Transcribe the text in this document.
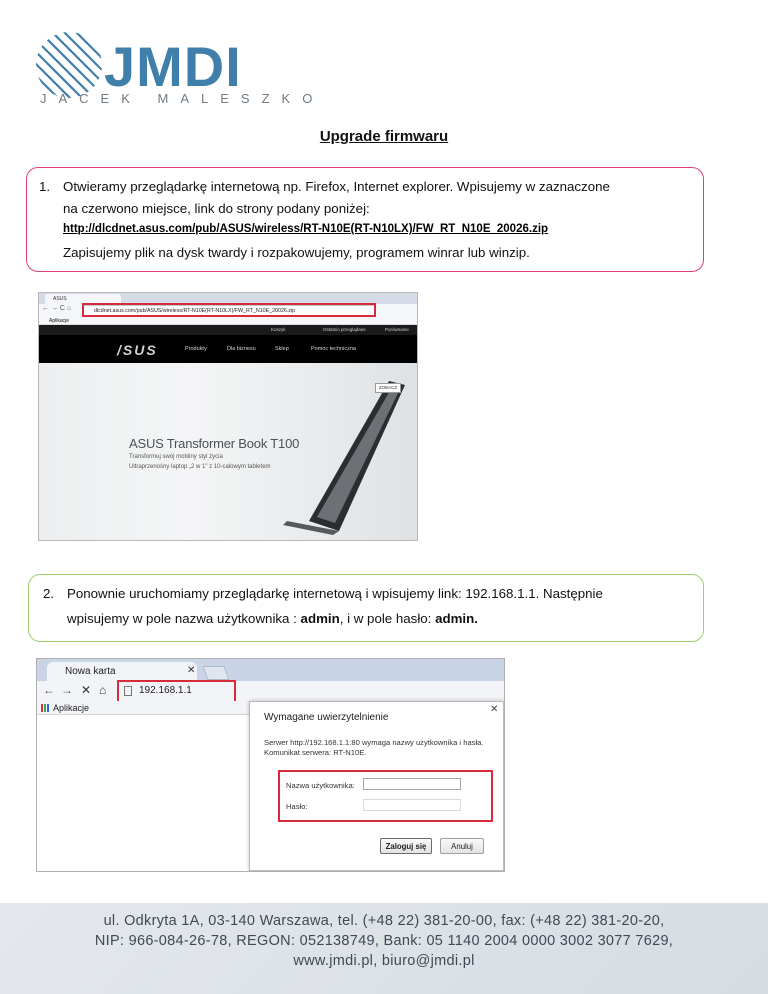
JMDI
JACEK MALESZKO
Upgrade firmwaru
1. Otwieramy przeglądarkę internetową np. Firefox, Internet explorer. Wpisujemy w zaznaczone
na czerwono miejsce, link do strony podany poniżej:
http://dlcdnet.asus.com/pub/ASUS/wireless/RT-N10E(RT-N10LX)/FW_RT_N10E_20026.zip
Zapisujemy plik na dysk twardy i rozpakowujemy, programem winrar lub winzip.
ASUS
← → C ⌂	dlcdnet.asus.com/pub/ASUS/wireless/RT-N10E(RT-N10LX)/FW_RT_N10E_20026.zip
Aplikacje
Koszyk	Ostatnio przeglądane	Porównanie
/SUS	Produkty	Dla biznesu	Sklep	Pomoc techniczna
ZOBACZ
ASUS Transformer Book T100
Transformuj swój mobilny styl życia
Ultraprzenośny laptop „2 w 1" z 10-calowym tabletem
2. Ponownie uruchomiamy przeglądarkę internetową i wpisujemy link: 192.168.1.1. Następnie
wpisujemy w pole nazwa użytkownika : admin, i w pole hasło: admin.
Nowa karta	✕
← → ✕ ⌂	192.168.1.1
Aplikacje
Wymagane uwierzytelnienie
✕
Serwer http://192.168.1.1:80 wymaga nazwy użytkownika i hasła. Komunikat serwera: RT-N10E.
Nazwa użytkownika:
Hasło:
Zaloguj się	Anuluj
ul. Odkryta 1A, 03-140 Warszawa, tel. (+48 22) 381-20-00, fax: (+48 22) 381-20-20,
NIP: 966-084-26-78, REGON: 052138749, Bank: 05 1140 2004 0000 3002 3077 7629,
www.jmdi.pl, biuro@jmdi.pl
